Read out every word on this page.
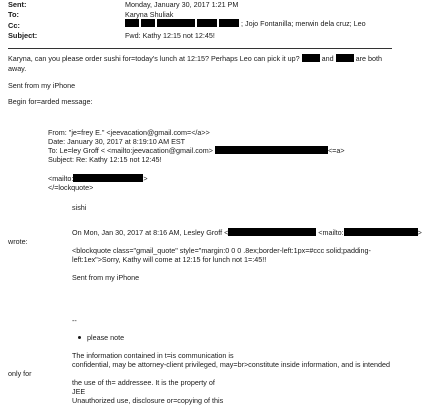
Sent:	Monday, January 30, 2017 1:21 PM
To:	Karyna Shuliak
Cc:	; Jojo Fontanilla; merwin dela cruz; Leo
Subject:	Fwd: Kathy 12:15 not 12:45!
Karyna, can you please order sushi for=today's lunch at 12:15? Perhaps Leo can pick it up?	and	are both
away.
Sent from my iPhone
Begin for=arded message:
From: "je=frey E." <jeevacation@gmail.com=</a>>
Date: January 30, 2017 at 8:19:10 AM EST
To: Le=ley Groff < <mailto:jeevacation@gmail.com>	<=a>
Subject: Re: Kathy 12:15 not 12:45!
<mailto:	>
</=lockquote>
sishi
On Mon, Jan 30, 2017 at 8:16 AM, Lesley Groff <	<mailto:	>
wrote:
<blockquote class="gmail_quote" style="margin:0 0 0 .8ex;border-left:1px=#ccc solid;padding-
left:1ex">Sorry, Kathy will come at 12:15 for lunch not 1=:45!!
Sent from my iPhone
--
please note
The information contained in t=is communication is
confidential, may be attorney-client privileged, may=br>constitute inside information, and is intended
only for
the use of th= addressee. It is the property of
JEE
Unauthorized use, disclosure or=copying of this
